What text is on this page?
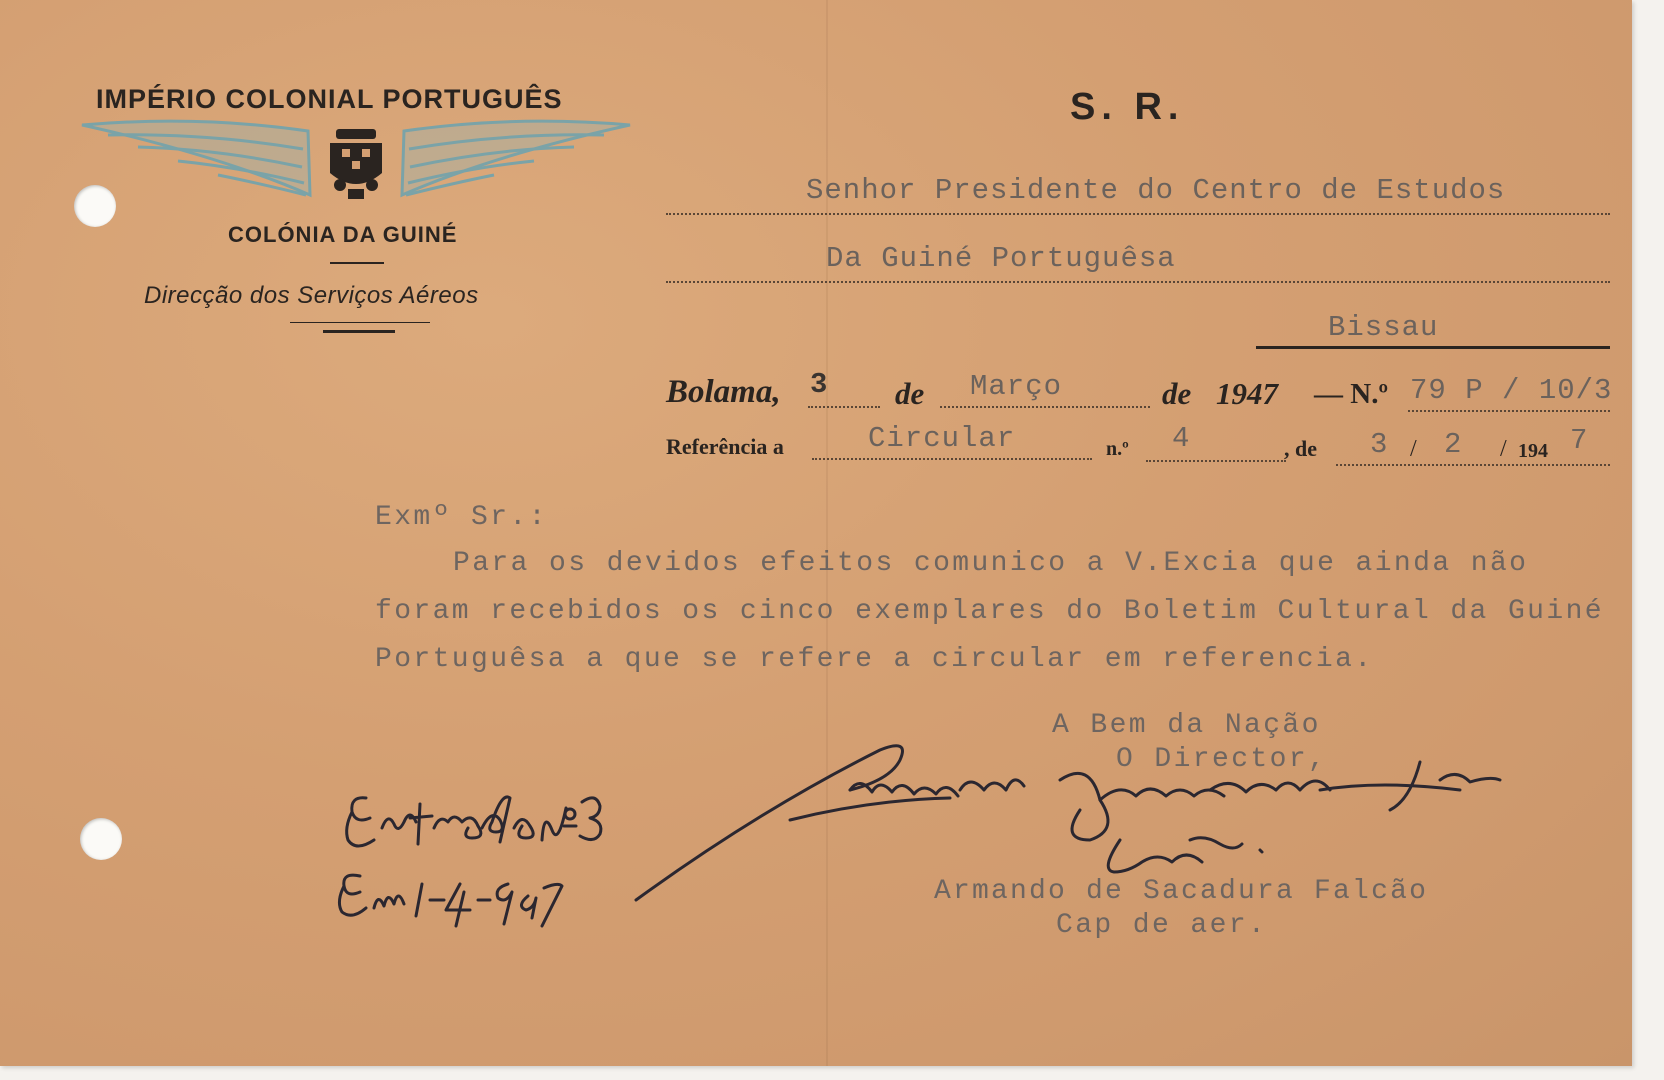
IMPÉRIO COLONIAL PORTUGUÊS
COLÓNIA DA GUINÉ
Direcção dos Serviços Aéreos
S. R.
Senhor Presidente do Centro de Estudos
Da Guiné Portuguêsa
Bissau
Bolama, 3 de Março	de 1947 — N.º 79 P / 10/3
Referência a	Circular	n.º 4	, de 3 / 2 / 194 7
Exmº Sr.:
Para os devidos efeitos comunico a V.Excia que ainda não
foram recebidos os cinco exemplares do Boletim Cultural da Guiné
Portuguêsa a que se refere a circular em referencia.
A Bem da Nação
O Director,
Armando de Sacadura Falcão
Cap de aer.
